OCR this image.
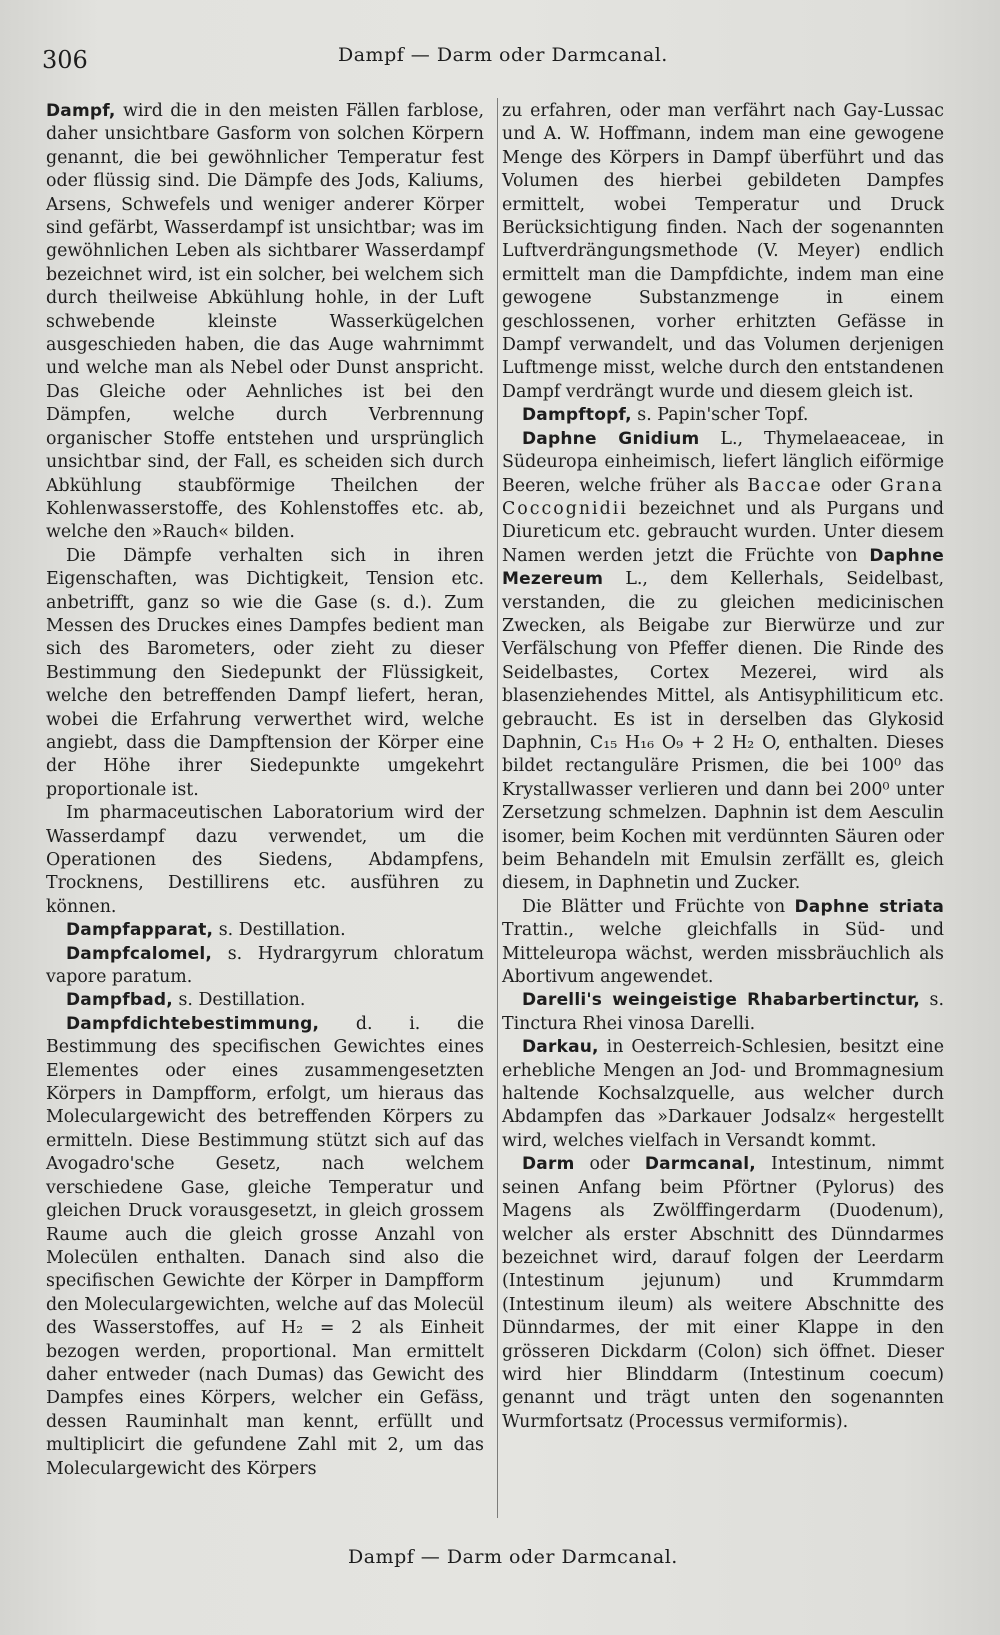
306	Dampf — Darm oder Darmcanal.

Dampf, wird die in den meisten Fällen farblose, daher unsichtbare Gasform von solchen Körpern genannt, die bei gewöhnlicher Temperatur fest oder flüssig sind. Die Dämpfe des Jods, Kaliums, Arsens, Schwefels und weniger anderer Körper sind gefärbt, Wasserdampf ist unsichtbar; was im gewöhnlichen Leben als sichtbarer Wasserdampf bezeichnet wird, ist ein solcher, bei welchem sich durch theilweise Abkühlung hohle, in der Luft schwebende kleinste Wasserkügelchen ausgeschieden haben, die das Auge wahrnimmt und welche man als Nebel oder Dunst anspricht. Das Gleiche oder Aehnliches ist bei den Dämpfen, welche durch Verbrennung organischer Stoffe entstehen und ursprünglich unsichtbar sind, der Fall, es scheiden sich durch Abkühlung staubförmige Theilchen der Kohlenwasserstoffe, des Kohlenstoffes etc. ab, welche den »Rauch« bilden.

Die Dämpfe verhalten sich in ihren Eigenschaften, was Dichtigkeit, Tension etc. anbetrifft, ganz so wie die Gase (s. d.). Zum Messen des Druckes eines Dampfes bedient man sich des Barometers, oder zieht zu dieser Bestimmung den Siedepunkt der Flüssigkeit, welche den betreffenden Dampf liefert, heran, wobei die Erfahrung verwerthet wird, welche angiebt, dass die Dampftension der Körper eine der Höhe ihrer Siedepunkte umgekehrt proportionale ist.

Im pharmaceutischen Laboratorium wird der Wasserdampf dazu verwendet, um die Operationen des Siedens, Abdampfens, Trocknens, Destillirens etc. ausführen zu können.

Dampfapparat, s. Destillation.

Dampfcalomel, s. Hydrargyrum chloratum vapore paratum.

Dampfbad, s. Destillation.

Dampfdichtebestimmung, d. i. die Bestimmung des specifischen Gewichtes eines Elementes oder eines zusammengesetzten Körpers in Dampfform, erfolgt, um hieraus das Moleculargewicht des betreffenden Körpers zu ermitteln. Diese Bestimmung stützt sich auf das Avogadro'sche Gesetz, nach welchem verschiedene Gase, gleiche Temperatur und gleichen Druck vorausgesetzt, in gleich grossem Raume auch die gleich grosse Anzahl von Molecülen enthalten. Danach sind also die specifischen Gewichte der Körper in Dampfform den Moleculargewichten, welche auf das Molecül des Wasserstoffes, auf H₂ = 2 als Einheit bezogen werden, proportional. Man ermittelt daher entweder (nach Dumas) das Gewicht des Dampfes eines Körpers, welcher ein Gefäss, dessen Rauminhalt man kennt, erfüllt und multiplicirt die gefundene Zahl mit 2, um das Moleculargewicht des Körpers

zu erfahren, oder man verfährt nach Gay-Lussac und A. W. Hoffmann, indem man eine gewogene Menge des Körpers in Dampf überführt und das Volumen des hierbei gebildeten Dampfes ermittelt, wobei Temperatur und Druck Berücksichtigung finden. Nach der sogenannten Luftverdrängungsmethode (V. Meyer) endlich ermittelt man die Dampfdichte, indem man eine gewogene Substanzmenge in einem geschlossenen, vorher erhitzten Gefässe in Dampf verwandelt, und das Volumen derjenigen Luftmenge misst, welche durch den entstandenen Dampf verdrängt wurde und diesem gleich ist.

Dampftopf, s. Papin'scher Topf.

Daphne Gnidium L., Thymelaeaceae, in Südeuropa einheimisch, liefert länglich eiförmige Beeren, welche früher als Baccae oder Grana Coccognidii bezeichnet und als Purgans und Diureticum etc. gebraucht wurden. Unter diesem Namen werden jetzt die Früchte von Daphne Mezereum L., dem Kellerhals, Seidelbast, verstanden, die zu gleichen medicinischen Zwecken, als Beigabe zur Bierwürze und zur Verfälschung von Pfeffer dienen. Die Rinde des Seidelbastes, Cortex Mezerei, wird als blasenziehendes Mittel, als Antisyphiliticum etc. gebraucht. Es ist in derselben das Glykosid Daphnin, C₁₅ H₁₆ O₉ + 2 H₂ O, enthalten. Dieses bildet rectanguläre Prismen, die bei 100⁰ das Krystallwasser verlieren und dann bei 200⁰ unter Zersetzung schmelzen. Daphnin ist dem Aesculin isomer, beim Kochen mit verdünnten Säuren oder beim Behandeln mit Emulsin zerfällt es, gleich diesem, in Daphnetin und Zucker.

Die Blätter und Früchte von Daphne striata Trattin., welche gleichfalls in Süd- und Mitteleuropa wächst, werden missbräuchlich als Abortivum angewendet.

Darelli's weingeistige Rhabarbertinctur, s. Tinctura Rhei vinosa Darelli.

Darkau, in Oesterreich-Schlesien, besitzt eine erhebliche Mengen an Jod- und Brommagnesium haltende Kochsalzquelle, aus welcher durch Abdampfen das »Darkauer Jodsalz« hergestellt wird, welches vielfach in Versandt kommt.

Darm oder Darmcanal, Intestinum, nimmt seinen Anfang beim Pförtner (Pylorus) des Magens als Zwölffingerdarm (Duodenum), welcher als erster Abschnitt des Dünndarmes bezeichnet wird, darauf folgen der Leerdarm (Intestinum jejunum) und Krummdarm (Intestinum ileum) als weitere Abschnitte des Dünndarmes, der mit einer Klappe in den grösseren Dickdarm (Colon) sich öffnet. Dieser wird hier Blinddarm (Intestinum coecum) genannt und trägt unten den sogenannten Wurmfortsatz (Processus vermiformis).

Dampf — Darm oder Darmcanal.
